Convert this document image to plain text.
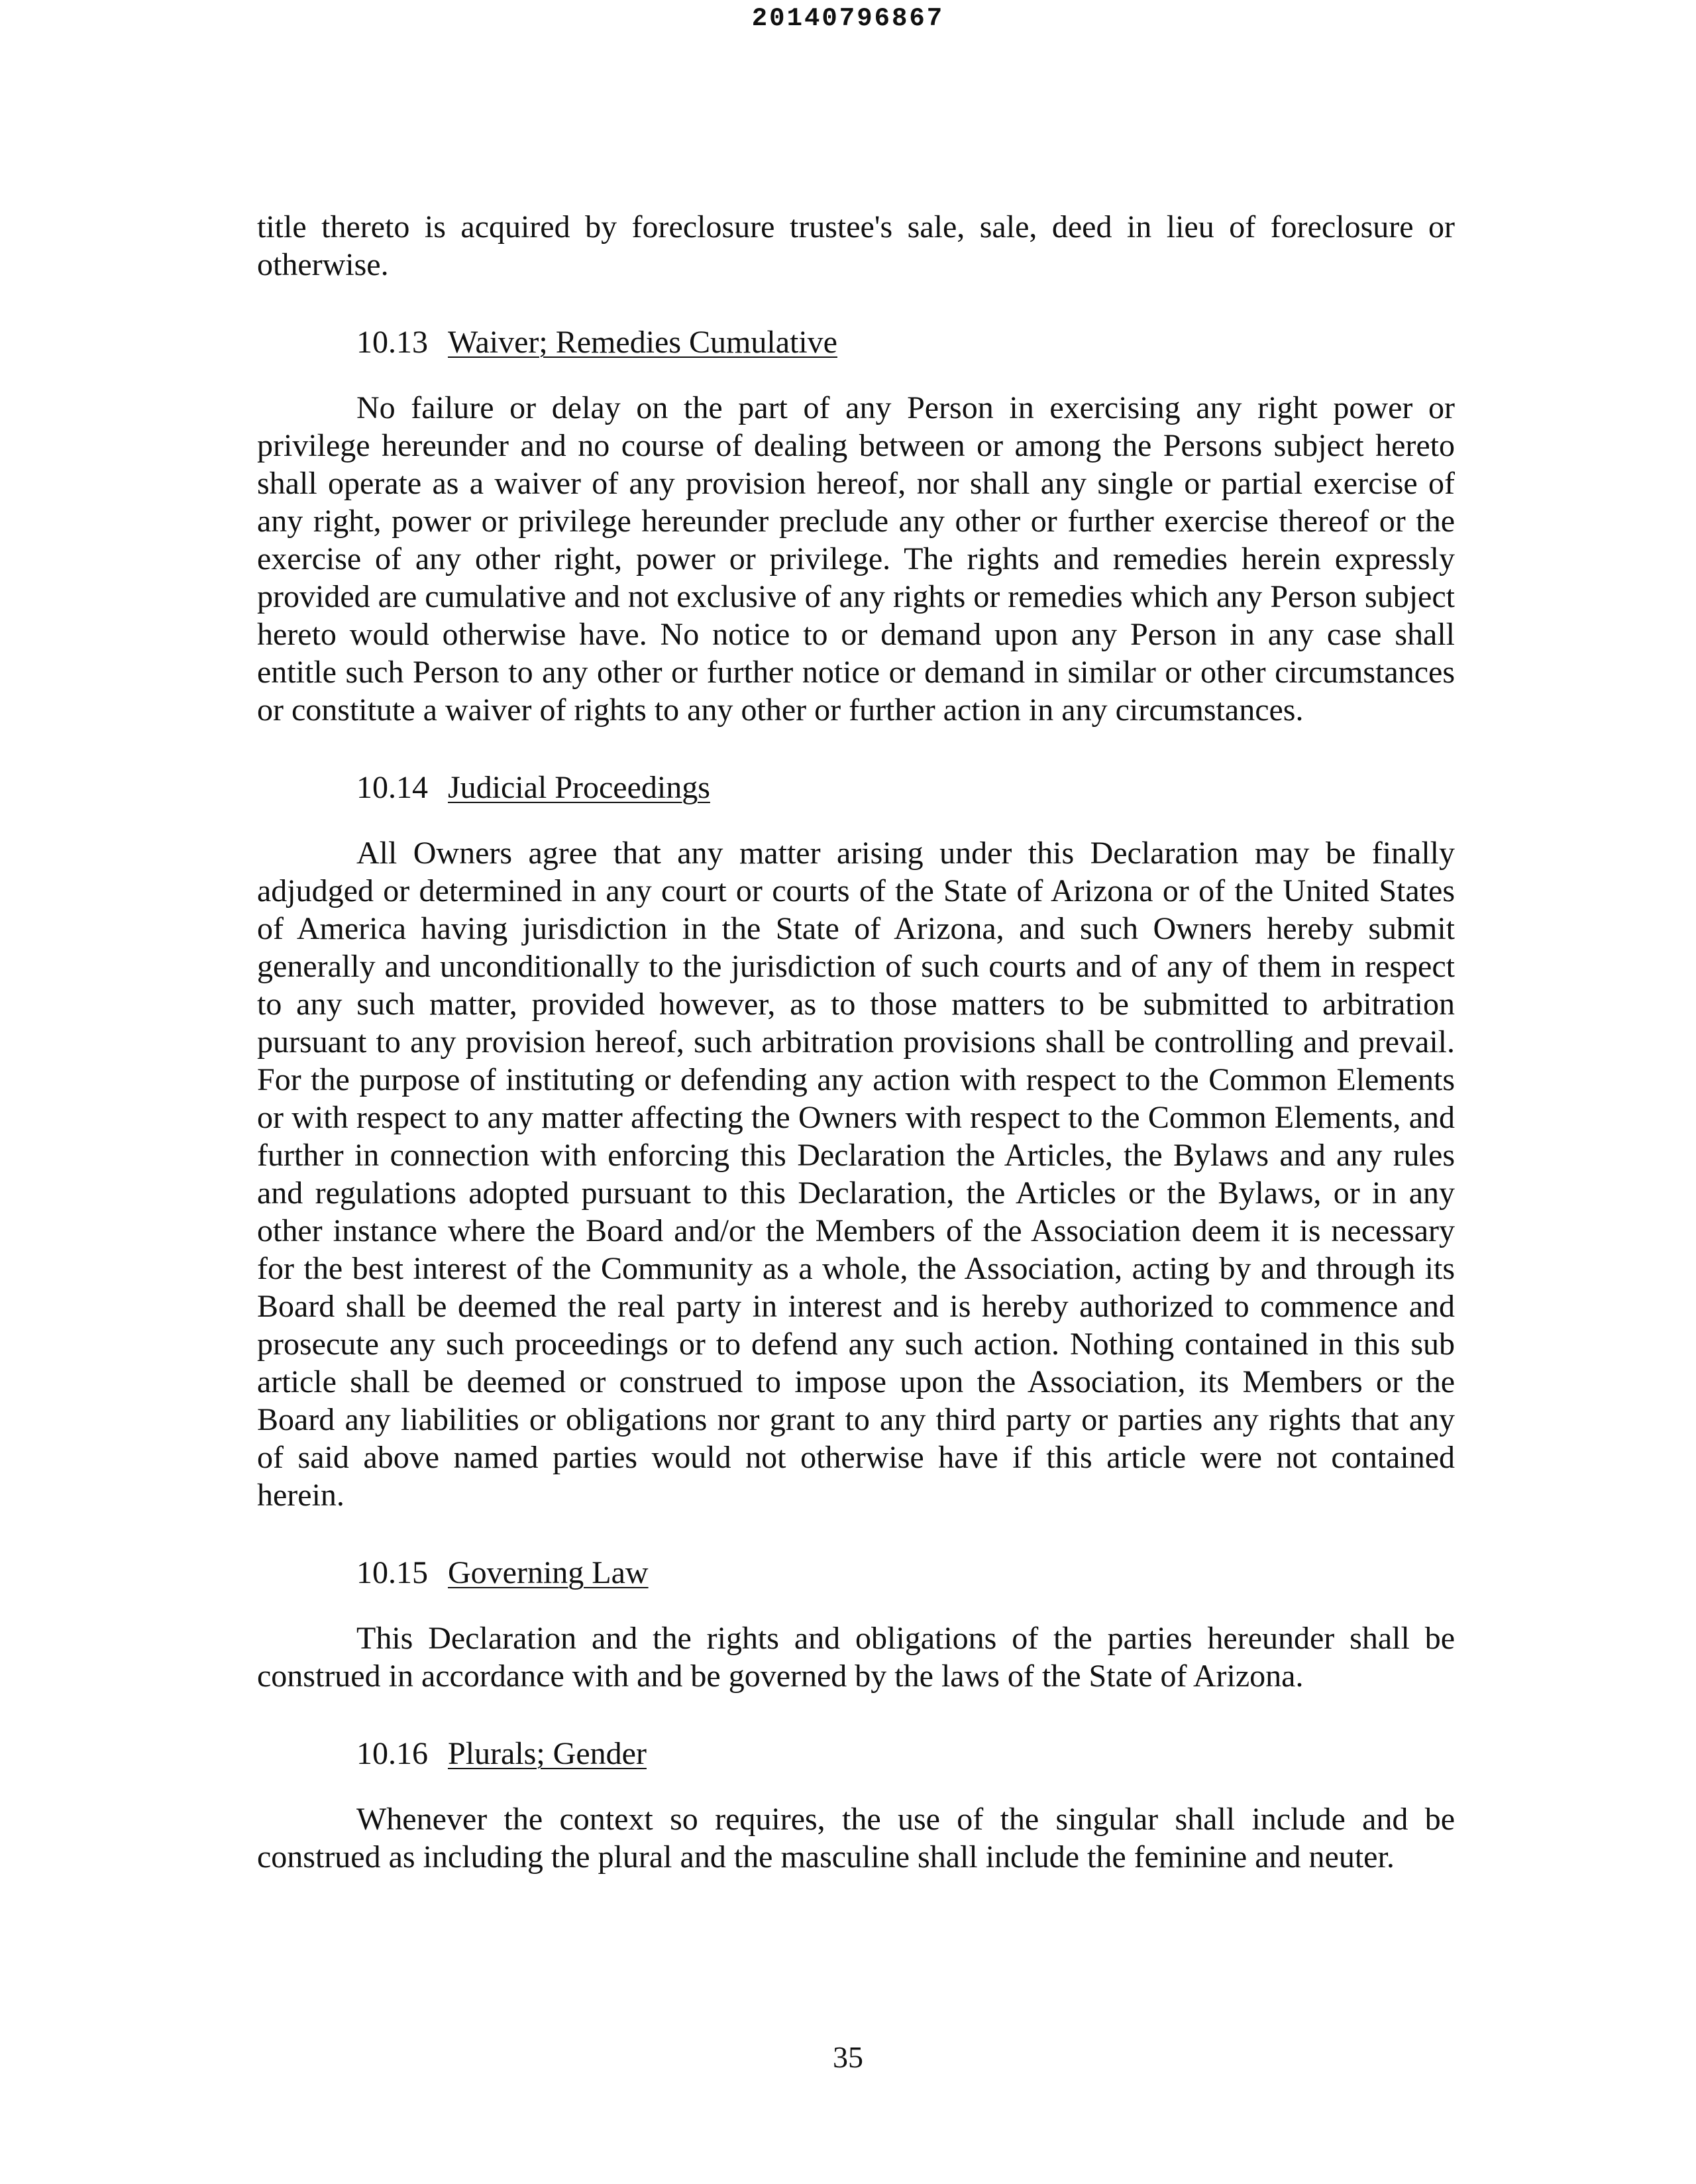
20140796867

title thereto is acquired by foreclosure trustee's sale, sale, deed in lieu of foreclosure or otherwise.

10.13 Waiver; Remedies Cumulative

No failure or delay on the part of any Person in exercising any right power or privilege hereunder and no course of dealing between or among the Persons subject hereto shall operate as a waiver of any provision hereof, nor shall any single or partial exercise of any right, power or privilege hereunder preclude any other or further exercise thereof or the exercise of any other right, power or privilege. The rights and remedies herein expressly provided are cumulative and not exclusive of any rights or remedies which any Person subject hereto would otherwise have. No notice to or demand upon any Person in any case shall entitle such Person to any other or further notice or demand in similar or other circumstances or constitute a waiver of rights to any other or further action in any circumstances.

10.14 Judicial Proceedings

All Owners agree that any matter arising under this Declaration may be finally adjudged or determined in any court or courts of the State of Arizona or of the United States of America having jurisdiction in the State of Arizona, and such Owners hereby submit generally and unconditionally to the jurisdiction of such courts and of any of them in respect to any such matter, provided however, as to those matters to be submitted to arbitration pursuant to any provision hereof, such arbitration provisions shall be controlling and prevail. For the purpose of instituting or defending any action with respect to the Common Elements or with respect to any matter affecting the Owners with respect to the Common Elements, and further in connection with enforcing this Declaration the Articles, the Bylaws and any rules and regulations adopted pursuant to this Declaration, the Articles or the Bylaws, or in any other instance where the Board and/or the Members of the Association deem it is necessary for the best interest of the Community as a whole, the Association, acting by and through its Board shall be deemed the real party in interest and is hereby authorized to commence and prosecute any such proceedings or to defend any such action. Nothing contained in this sub article shall be deemed or construed to impose upon the Association, its Members or the Board any liabilities or obligations nor grant to any third party or parties any rights that any of said above named parties would not otherwise have if this article were not contained herein.

10.15 Governing Law

This Declaration and the rights and obligations of the parties hereunder shall be construed in accordance with and be governed by the laws of the State of Arizona.

10.16 Plurals; Gender

Whenever the context so requires, the use of the singular shall include and be construed as including the plural and the masculine shall include the feminine and neuter.

35
